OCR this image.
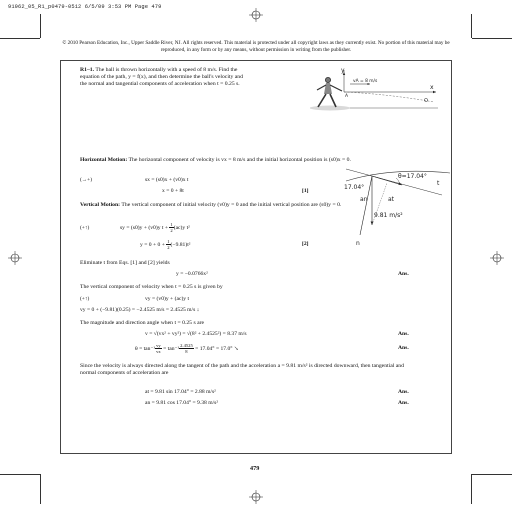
91962_05_R1_p0479-0512 6/5/09 3:53 PM Page 479
© 2010 Pearson Education, Inc., Upper Saddle River, NJ. All rights reserved. This material is protected under all copyright laws as they currently exist. No portion of this material may be reproduced, in any form or by any means, without permission in writing from the publisher.
R1–1. The ball is thrown horizontally with a speed of 8 m/s. Find the equation of the path, y = f(x), and then determine the ball's velocity and the normal and tangential components of acceleration when t = 0.25 s.
y
x
vA = 8 m/s
A
Horizontal Motion: The horizontal component of velocity is vx = 8 m/s and the initial horizontal position is (s0)x = 0.
(→+)	sx = (s0)x + (v0)x t
x = 0 + 8t	[1]
θ=17.04°
t
17.04°
at
an
9.81 m/s²
n
Vertical Motion: The vertical component of initial velocity (v0)y = 0 and the initial vertical position are (s0)y = 0.
(+↑)	sy = (s0)y + (v0)y $t + \frac{1}{2} (ac)y$ t²
$y = 0 + 0 + \frac{1}{2} (-9.81)t^2$	[2]
Eliminate t from Eqs. [1] and [2] yields
y = −0.0766x²	Ans.
The vertical component of velocity when t = 0.25 s is given by
(+↑)	vy = (v0)y + (ac)y t
vy = 0 + (−9.81)(0.25) = −2.4525 m/s = 2.4525 m/s ↓
The magnitude and direction angle when t = 0.25 s are
v = √(vx² + vy²) = √(8² + 2.4525²) = 8.37 m/s	Ans.
$\theta = \tan^{-1} \frac{vy}{vx} = \tan^{-1} \frac{2.4525}{8} = 17.04^\circ = 17.0^\circ$ ↘	Ans.
Since the velocity is always directed along the tangent of the path and the acceleration a = 9.81 m/s² is directed downward, then tangential and normal components of acceleration are
at = 9.81 sin 17.04° = 2.88 m/s²	Ans.
an = 9.81 cos 17.04° = 9.38 m/s²	Ans.
479
